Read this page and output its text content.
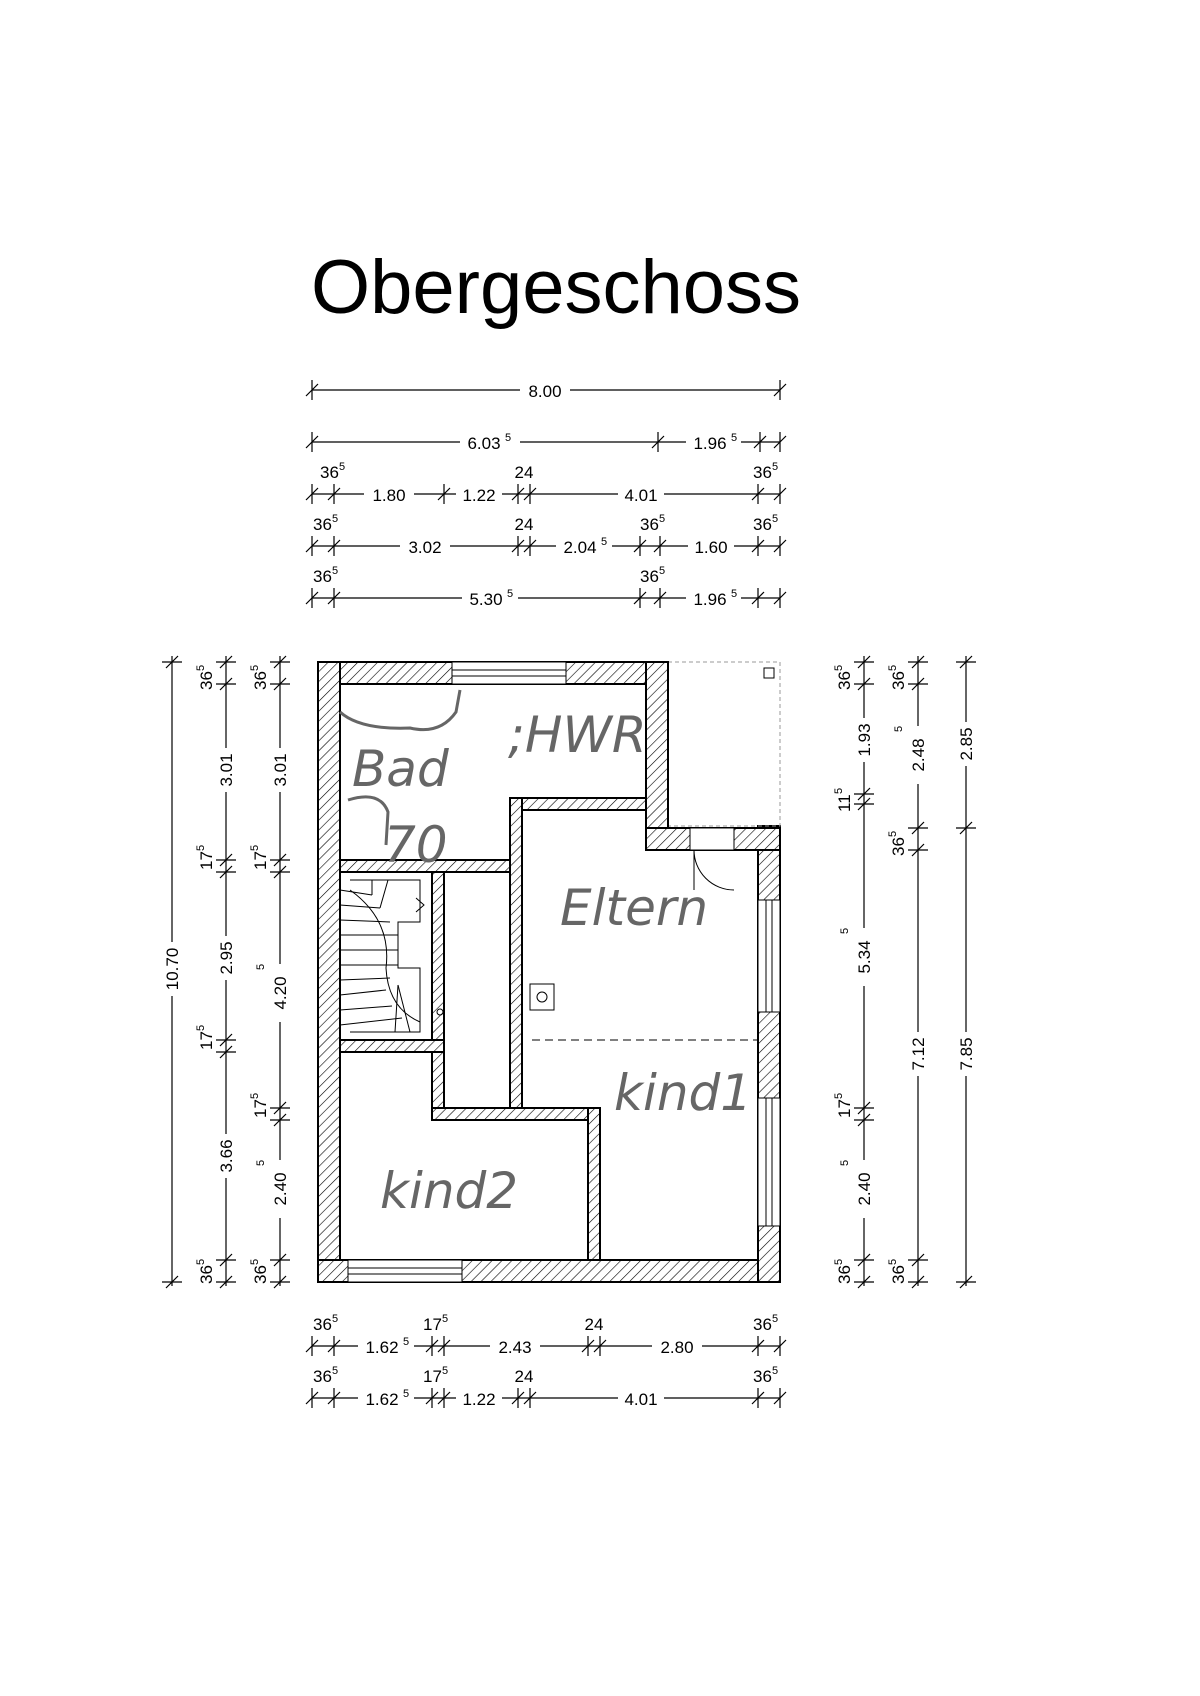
Obergeschoss
8.00
6.03 5	1.96 5
36 5
1.80	1.22
24
4.01
36 5
36 5
3.02
24
2.04 5
36 5
1.60
36 5
36 5
5.30 5
36 5
1.96 5
;HWR
Bad
70
Eltern
kind1
kind2
36 5
1.62 5
17 5
2.43
24
2.80
36 5
36 5
1.62 5
17 5
1.22
24
4.01
36 5
10.70
36
5
3.01
17
5
2.95
17
5
3.66
36
5
36
5
3.01
17
5
4.20
5
17
5
2.40
5
36
5
36
5
1.93
11
5
5.34
5
17
5
2.40
5
36
5
36
5
2.48
5
36
5
7.12
36
5
2.85
7.85
